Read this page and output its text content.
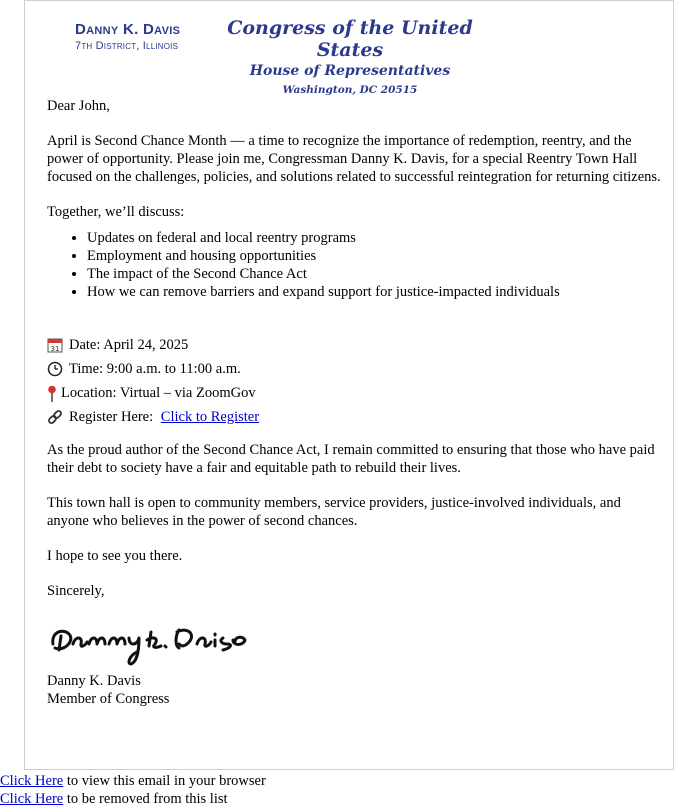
Danny K. Davis
7th District, Illinois
Congress of the United States
House of Representatives
Washington, DC 20515

Dear John,

April is Second Chance Month — a time to recognize the importance of redemption, reentry, and the power of opportunity. Please join me, Congressman Danny K. Davis, for a special Reentry Town Hall focused on the challenges, policies, and solutions related to successful reintegration for returning citizens.

Together, we’ll discuss:

• Updates on federal and local reentry programs
• Employment and housing opportunities
• The impact of the Second Chance Act
• How we can remove barriers and expand support for justice-impacted individuals
31 Date: April 24, 2025
Time: 9:00 a.m. to 11:00 a.m.
Location: Virtual – via ZoomGov
Register Here: Click to Register

As the proud author of the Second Chance Act, I remain committed to ensuring that those who have paid their debt to society have a fair and equitable path to rebuild their lives.

This town hall is open to community members, service providers, justice-involved individuals, and anyone who believes in the power of second chances.

I hope to see you there.

Sincerely,

Danny K. Davis
Member of Congress
Click Here to view this email in your browser
Click Here to be removed from this list
